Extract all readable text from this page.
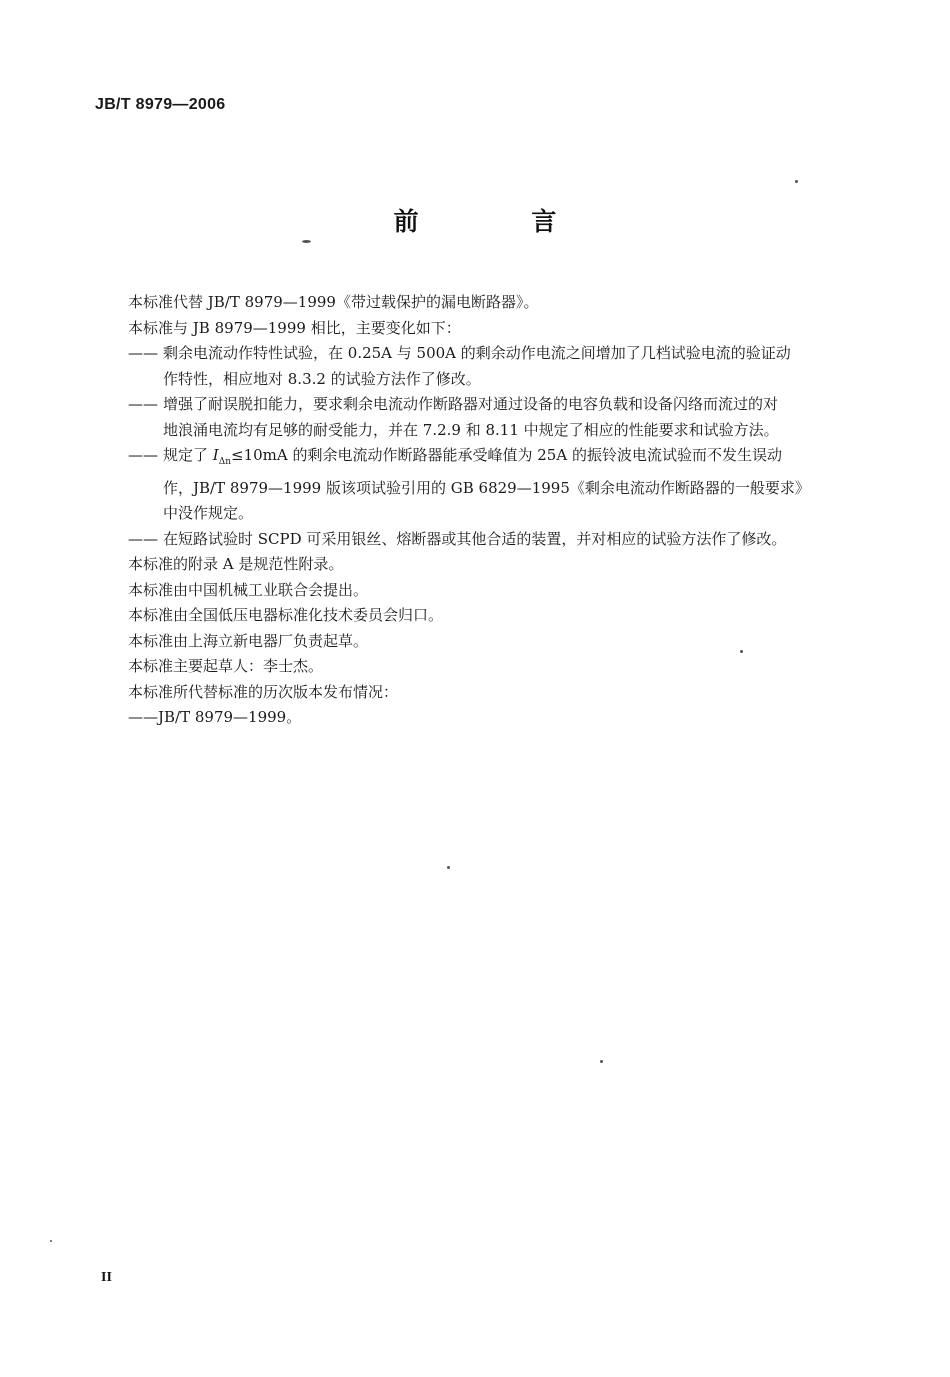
JB/T 8979—2006
前 言

本标准代替 JB/T 8979—1999《带过载保护的漏电断路器》。

本标准与 JB 8979—1999 相比，主要变化如下：

—— 剩余电流动作特性试验，在 0.25A 与 500A 的剩余动作电流之间增加了几档试验电流的验证动
作特性，相应地对 8.3.2 的试验方法作了修改。
—— 增强了耐误脱扣能力，要求剩余电流动作断路器对通过设备的电容负载和设备闪络而流过的对
地浪涌电流均有足够的耐受能力，并在 7.2.9 和 8.11 中规定了相应的性能要求和试验方法。
—— 规定了 $I_{\Delta n}\le 10mA$ 的剩余电流动作断路器能承受峰值为 25A 的振铃波电流试验而不发生误动
作，JB/T 8979—1999 版该项试验引用的 GB 6829—1995《剩余电流动作断路器的一般要求》
中没作规定。
—— 在短路试验时 SCPD 可采用银丝、熔断器或其他合适的装置，并对相应的试验方法作了修改。

本标准的附录 A 是规范性附录。

本标准由中国机械工业联合会提出。

本标准由全国低压电器标准化技术委员会归口。

本标准由上海立新电器厂负责起草。

本标准主要起草人：李士杰。

本标准所代替标准的历次版本发布情况：

——JB/T 8979—1999。

II
